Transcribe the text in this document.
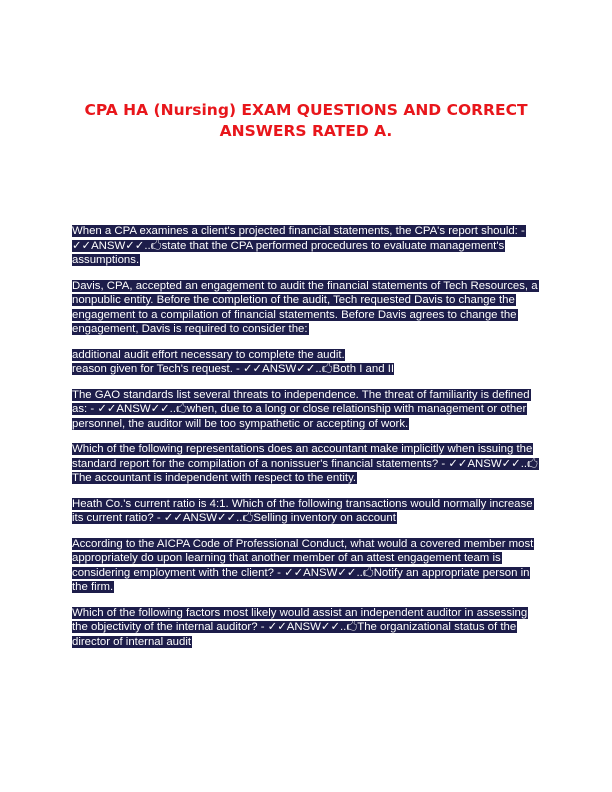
CPA HA (Nursing) EXAM QUESTIONS AND CORRECT ANSWERS RATED A.

When a CPA examines a client's projected financial statements, the CPA's report should: - ✓✓ANSW✓✓..🖒state that the CPA performed procedures to evaluate management's assumptions.

Davis, CPA, accepted an engagement to audit the financial statements of Tech Resources, a nonpublic entity. Before the completion of the audit, Tech requested Davis to change the engagement to a compilation of financial statements. Before Davis agrees to change the engagement, Davis is required to consider the:

additional audit effort necessary to complete the audit.
reason given for Tech's request. - ✓✓ANSW✓✓..🖒Both I and II

The GAO standards list several threats to independence. The threat of familiarity is defined as: - ✓✓ANSW✓✓..🖒when, due to a long or close relationship with management or other personnel, the auditor will be too sympathetic or accepting of work.

Which of the following representations does an accountant make implicitly when issuing the standard report for the compilation of a nonissuer's financial statements? - ✓✓ANSW✓✓..🖒The accountant is independent with respect to the entity.

Heath Co.'s current ratio is 4:1. Which of the following transactions would normally increase its current ratio? - ✓✓ANSW✓✓..🖒Selling inventory on account

According to the AICPA Code of Professional Conduct, what would a covered member most appropriately do upon learning that another member of an attest engagement team is considering employment with the client? - ✓✓ANSW✓✓..🖒Notify an appropriate person in the firm.

Which of the following factors most likely would assist an independent auditor in assessing the objectivity of the internal auditor? - ✓✓ANSW✓✓..🖒The organizational status of the director of internal audit
